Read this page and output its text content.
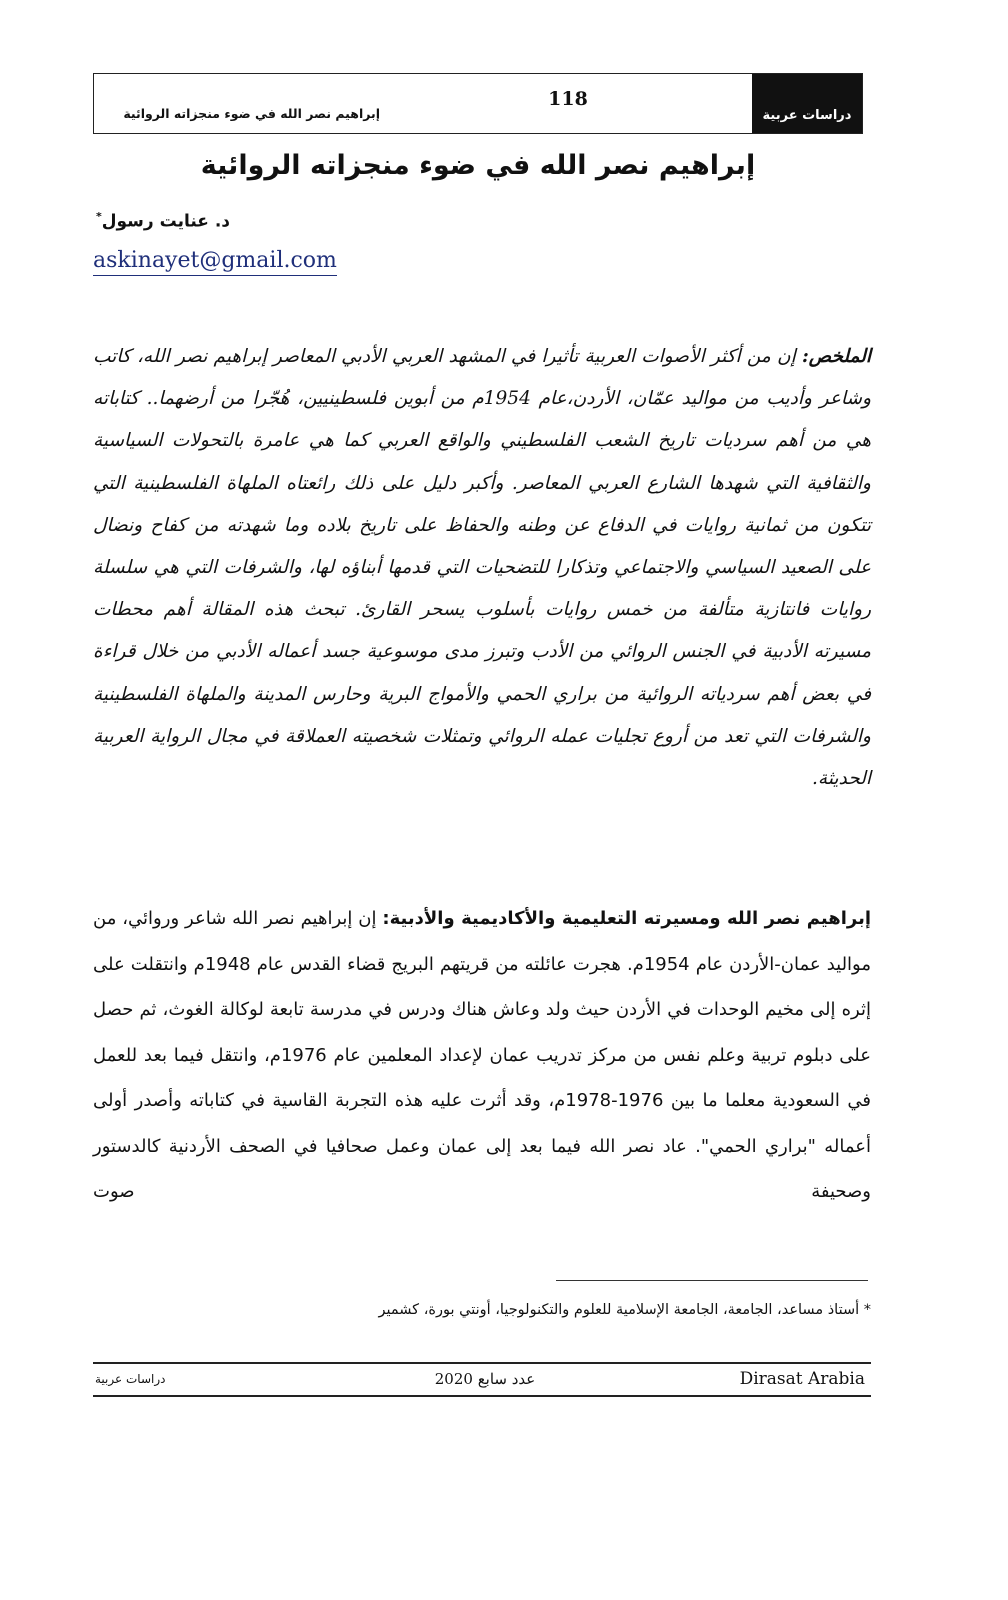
إبراهيم نصر الله في ضوء منجزاته الروائية
118
دراسات عربية
إبراهيم نصر الله في ضوء منجزاته الروائية
د. عنايت رسول*
askinayet@gmail.com
الملخص: إن من أكثر الأصوات العربية تأثيرا في المشهد العربي الأدبي المعاصر إبراهيم نصر الله، كاتب وشاعر وأديب من مواليد عمّان، الأردن،عام 1954م من أبوين فلسطينيين، هُجّرا من أرضهما.. كتاباته هي من أهم سرديات تاريخ الشعب الفلسطيني والواقع العربي كما هي عامرة بالتحولات السياسية والثقافية التي شهدها الشارع العربي المعاصر. وأكبر دليل على ذلك رائعتاه الملهاة الفلسطينية التي تتكون من ثمانية روايات في الدفاع عن وطنه والحفاظ على تاريخ بلاده وما شهدته من كفاح ونضال على الصعيد السياسي والاجتماعي وتذكارا للتضحيات التي قدمها أبناؤه لها، والشرفات التي هي سلسلة روايات فانتازية متألفة من خمس روايات بأسلوب يسحر القارئ. تبحث هذه المقالة أهم محطات مسيرته الأدبية في الجنس الروائي من الأدب وتبرز مدى موسوعية جسد أعماله الأدبي من خلال قراءة في بعض أهم سردياته الروائية من براري الحمي والأمواج البرية وحارس المدينة والملهاة الفلسطينية والشرفات التي تعد من أروع تجليات عمله الروائي وتمثلات شخصيته العملاقة في مجال الرواية العربية الحديثة.
إبراهيم نصر الله ومسيرته التعليمية والأكاديمية والأدبية: إن إبراهيم نصر الله شاعر وروائي، من مواليد عمان-الأردن عام 1954م. هجرت عائلته من قريتهم البريج قضاء القدس عام 1948م وانتقلت على إثره إلى مخيم الوحدات في الأردن حيث ولد وعاش هناك ودرس في مدرسة تابعة لوكالة الغوث، ثم حصل على دبلوم تربية وعلم نفس من مركز تدريب عمان لإعداد المعلمين عام 1976م، وانتقل فيما بعد للعمل في السعودية معلما ما بين 1976-1978م، وقد أثرت عليه هذه التجربة القاسية في كتاباته وأصدر أولى أعماله "براري الحمي". عاد نصر الله فيما بعد إلى عمان وعمل صحافيا في الصحف الأردنية كالدستور وصحيفة صوت
* أستاذ مساعد، الجامعة، الجامعة الإسلامية للعلوم والتكنولوجيا، أونتي بورة، كشمير
دراسات عربية	عدد سابع 2020	Dirasat Arabia
